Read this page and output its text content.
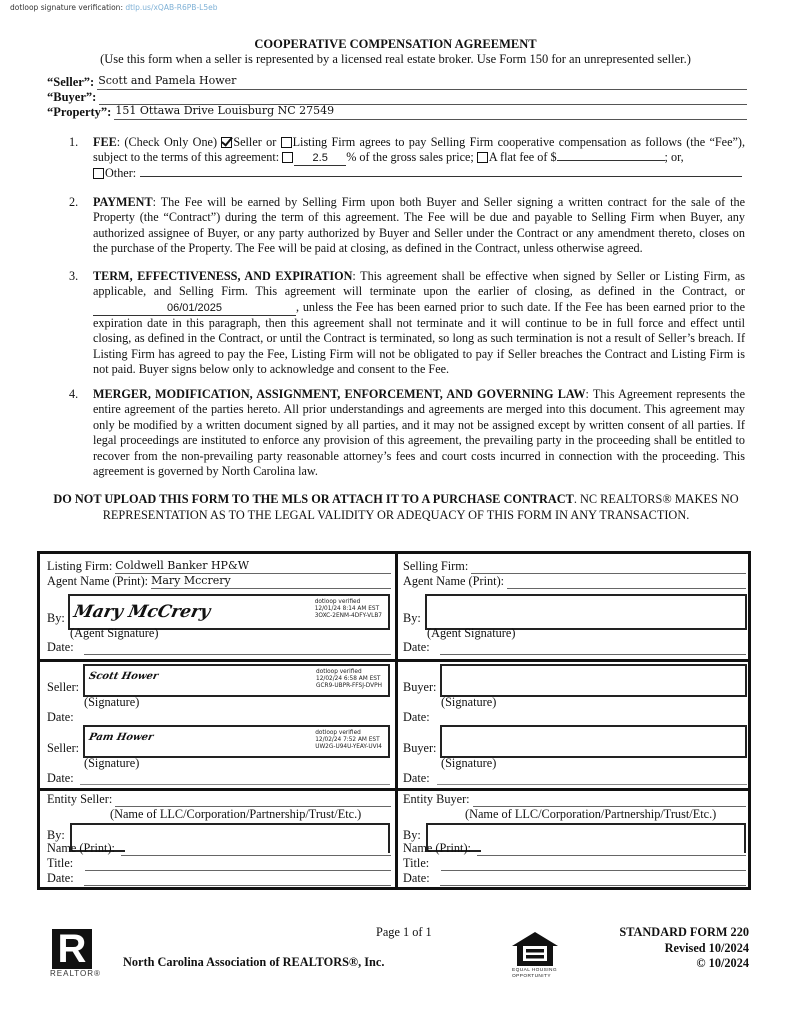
dotloop signature verification: dtlp.us/xQAB-R6PB-L5eb
COOPERATIVE COMPENSATION AGREEMENT
(Use this form when a seller is represented by a licensed real estate broker. Use Form 150 for an unrepresented seller.)
“Seller”: Scott and Pamela Hower
“Buyer”:
“Property”: 151 Ottawa Drive Louisburg NC 27549
1. FEE: (Check Only One) Seller or Listing Firm agrees to pay Selling Firm cooperative compensation as follows (the “Fee”), subject to the terms of this agreement:	2.5 % of the gross sales price; A flat fee of $	; or,
Other:
2. PAYMENT: The Fee will be earned by Selling Firm upon both Buyer and Seller signing a written contract for the sale of the Property (the “Contract”) during the term of this agreement. The Fee will be due and payable to Selling Firm when Buyer, any authorized assignee of Buyer, or any party authorized by Buyer and Seller under the Contract or any amendment thereto, closes on the purchase of the Property. The Fee will be paid at closing, as defined in the Contract, unless otherwise agreed.
3. TERM, EFFECTIVENESS, AND EXPIRATION: This agreement shall be effective when signed by Seller or Listing Firm, as applicable, and Selling Firm. This agreement will terminate upon the earlier of closing, as defined in the Contract, or 06/01/2025	, unless the Fee has been earned prior to such date. If the Fee has been earned prior to the expiration date in this paragraph, then this agreement shall not terminate and it will continue to be in full force and effect until closing, as defined in the Contract, or until the Contract is terminated, so long as such termination is not a result of Seller’s breach. If Listing Firm has agreed to pay the Fee, Listing Firm will not be obligated to pay if Seller breaches the Contract and Listing Firm is not paid. Buyer signs below only to acknowledge and consent to the Fee.
4. MERGER, MODIFICATION, ASSIGNMENT, ENFORCEMENT, AND GOVERNING LAW: This Agreement represents the entire agreement of the parties hereto. All prior understandings and agreements are merged into this document. This agreement may only be modified by a written document signed by all parties, and it may not be assigned except by written consent of all parties. If legal proceedings are instituted to enforce any provision of this agreement, the prevailing party in the proceeding shall be entitled to recover from the non-prevailing party reasonable attorney’s fees and court costs incurred in connection with the proceeding. This agreement is governed by North Carolina law.
DO NOT UPLOAD THIS FORM TO THE MLS OR ATTACH IT TO A PURCHASE CONTRACT. NC REALTORS® MAKES NO REPRESENTATION AS TO THE LEGAL VALIDITY OR ADEQUACY OF THIS FORM IN ANY TRANSACTION.
Listing Firm: Coldwell Banker HP&W
Agent Name (Print): Mary Mccrery
By: Mary McCrery	dotloop verified
12/01/24 8:14 AM EST
3OXC-2ENM-4DFY-VLB7
(Agent Signature)
Date:
Selling Firm:
Agent Name (Print):
By:
(Agent Signature)
Date:
Seller:
Scott Hower	dotloop verified
12/02/24 6:58 AM EST
GCR9-UBPR-FFSJ-DVPH
(Signature)
Date:
Seller:
Pam Hower	dotloop verified
12/02/24 7:52 AM EST
UW2G-U94U-YEAY-UVI4
(Signature)
Date:
Buyer:
(Signature)
Date:
Buyer:
(Signature)
Date:
Entity Seller:
(Name of LLC/Corporation/Partnership/Trust/Etc.)
By:
Name (Print):
Title:
Date:
Entity Buyer:
(Name of LLC/Corporation/Partnership/Trust/Etc.)
By:
Name (Print):
Title:
Date:
R
REALTOR®
Page 1 of 1
North Carolina Association of REALTORS®, Inc.
EQUAL HOUSING
OPPORTUNITY
STANDARD FORM 220
Revised 10/2024
© 10/2024
